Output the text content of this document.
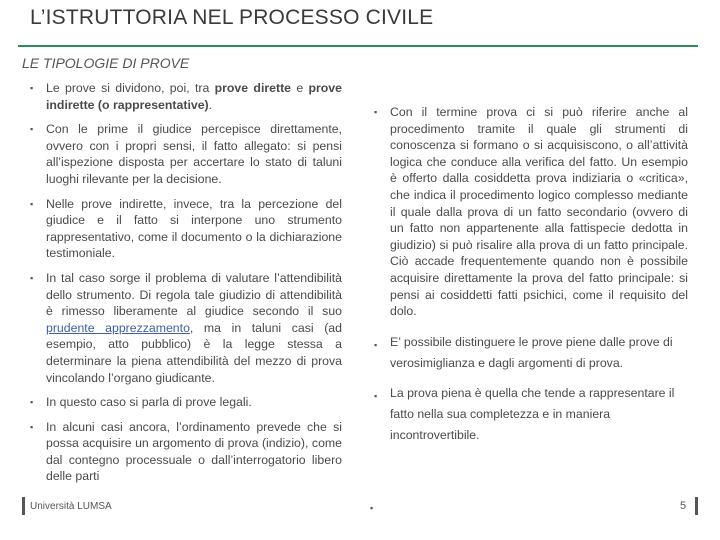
L’ISTRUTTORIA NEL PROCESSO CIVILE
LE TIPOLOGIE DI PROVE
▪ Le prove si dividono, poi, tra prove dirette e prove indirette (o rappresentative).
▪ Con le prime il giudice percepisce direttamente, ovvero con i propri sensi, il fatto allegato: si pensi all’ispezione disposta per accertare lo stato di taluni luoghi rilevante per la decisione.
▪ Nelle prove indirette, invece, tra la percezione del giudice e il fatto si interpone uno strumento rappresentativo, come il documento o la dichiarazione testimoniale.
▪ In tal caso sorge il problema di valutare l’attendibilità dello strumento. Di regola tale giudizio di attendibilità è rimesso liberamente al giudice secondo il suo prudente apprezzamento, ma in taluni casi (ad esempio, atto pubblico) è la legge stessa a determinare la piena attendibilità del mezzo di prova vincolando l’organo giudicante.
▪ In questo caso si parla di prove legali.
▪ In alcuni casi ancora, l’ordinamento prevede che si possa acquisire un argomento di prova (indizio), come dal contegno processuale o dall’interrogatorio libero delle parti
▪ Con il termine prova ci si può riferire anche al procedimento tramite il quale gli strumenti di conoscenza si formano o si acquisiscono, o all’attività logica che conduce alla verifica del fatto. Un esempio è offerto dalla cosiddetta prova indiziaria o «critica», che indica il procedimento logico complesso mediante il quale dalla prova di un fatto secondario (ovvero di un fatto non appartenente alla fattispecie dedotta in giudizio) si può risalire alla prova di un fatto principale. Ciò accade frequentemente quando non è possibile acquisire direttamente la prova del fatto principale: si pensi ai cosiddetti fatti psichici, come il requisito del dolo.
▪ E’ possibile distinguere le prove piene dalle prove di verosimiglianza e dagli argomenti di prova.
▪ La prova piena è quella che tende a rappresentare il fatto nella sua completezza e in maniera incontrovertibile.
Università LUMSA	▪	5
